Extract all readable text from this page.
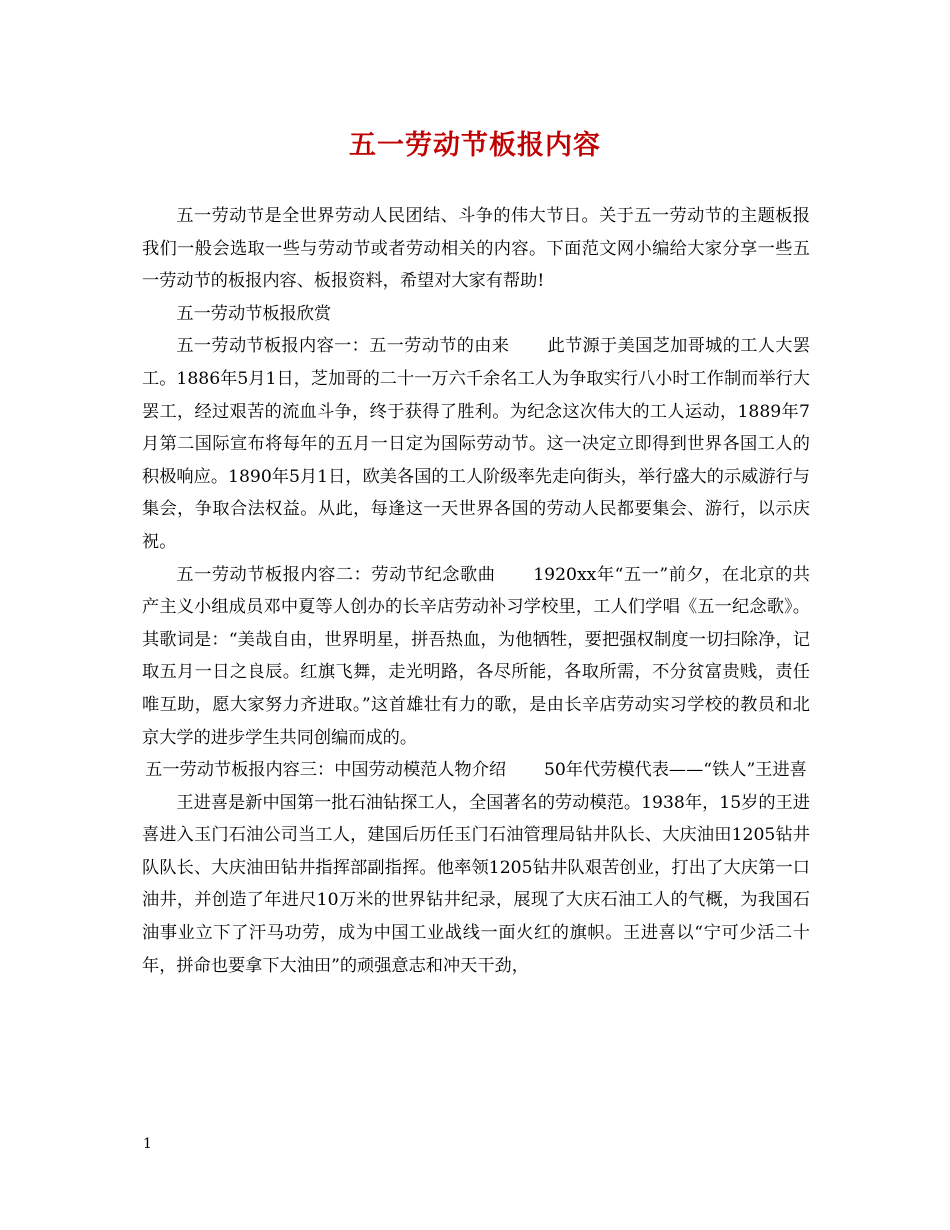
五一劳动节板报内容

五一劳动节是全世界劳动人民团结、斗争的伟大节日。关于五一劳动节的主题板报我们一般会选取一些与劳动节或者劳动相关的内容。下面范文网小编给大家分享一些五一劳动节的板报内容、板报资料，希望对大家有帮助!

五一劳动节板报欣赏

五一劳动节板报内容一：五一劳动节的由来 此节源于美国芝加哥城的工人大罢工。1886年5月1日，芝加哥的二十一万六千余名工人为争取实行八小时工作制而举行大罢工，经过艰苦的流血斗争，终于获得了胜利。为纪念这次伟大的工人运动，1889年7 月第二国际宣布将每年的五月一日定为国际劳动节。这一决定立即得到世界各国工人的积极响应。1890年5月1日，欧美各国的工人阶级率先走向街头，举行盛大的示威游行与集会，争取合法权益。从此，每逢这一天世界各国的劳动人民都要集会、游行，以示庆祝。

五一劳动节板报内容二：劳动节纪念歌曲 1920xx年“五一”前夕，在北京的共产主义小组成员邓中夏等人创办的长辛店劳动补习学校里，工人们学唱《五一纪念歌》。其歌词是：“美哉自由，世界明星，拼吾热血，为他牺牲，要把强权制度一切扫除净，记取五月一日之良辰。红旗飞舞，走光明路，各尽所能，各取所需，不分贫富贵贱，责任唯互助，愿大家努力齐进取。”这首雄壮有力的歌，是由长辛店劳动实习学校的教员和北京大学的进步学生共同创编而成的。

五一劳动节板报内容三：中国劳动模范人物介绍 50年代劳模代表——“铁人”王进喜

王进喜是新中国第一批石油钻探工人，全国著名的劳动模范。1938年，15岁的王进喜进入玉门石油公司当工人，建国后历任玉门石油管理局钻井队长、大庆油田1205钻井队队长、大庆油田钻井指挥部副指挥。他率领1205钻井队艰苦创业，打出了大庆第一口油井，并创造了年进尺10万米的世界钻井纪录，展现了大庆石油工人的气概，为我国石油事业立下了汗马功劳，成为中国工业战线一面火红的旗帜。王进喜以“宁可少活二十年，拼命也要拿下大油田”的顽强意志和冲天干劲，

1
